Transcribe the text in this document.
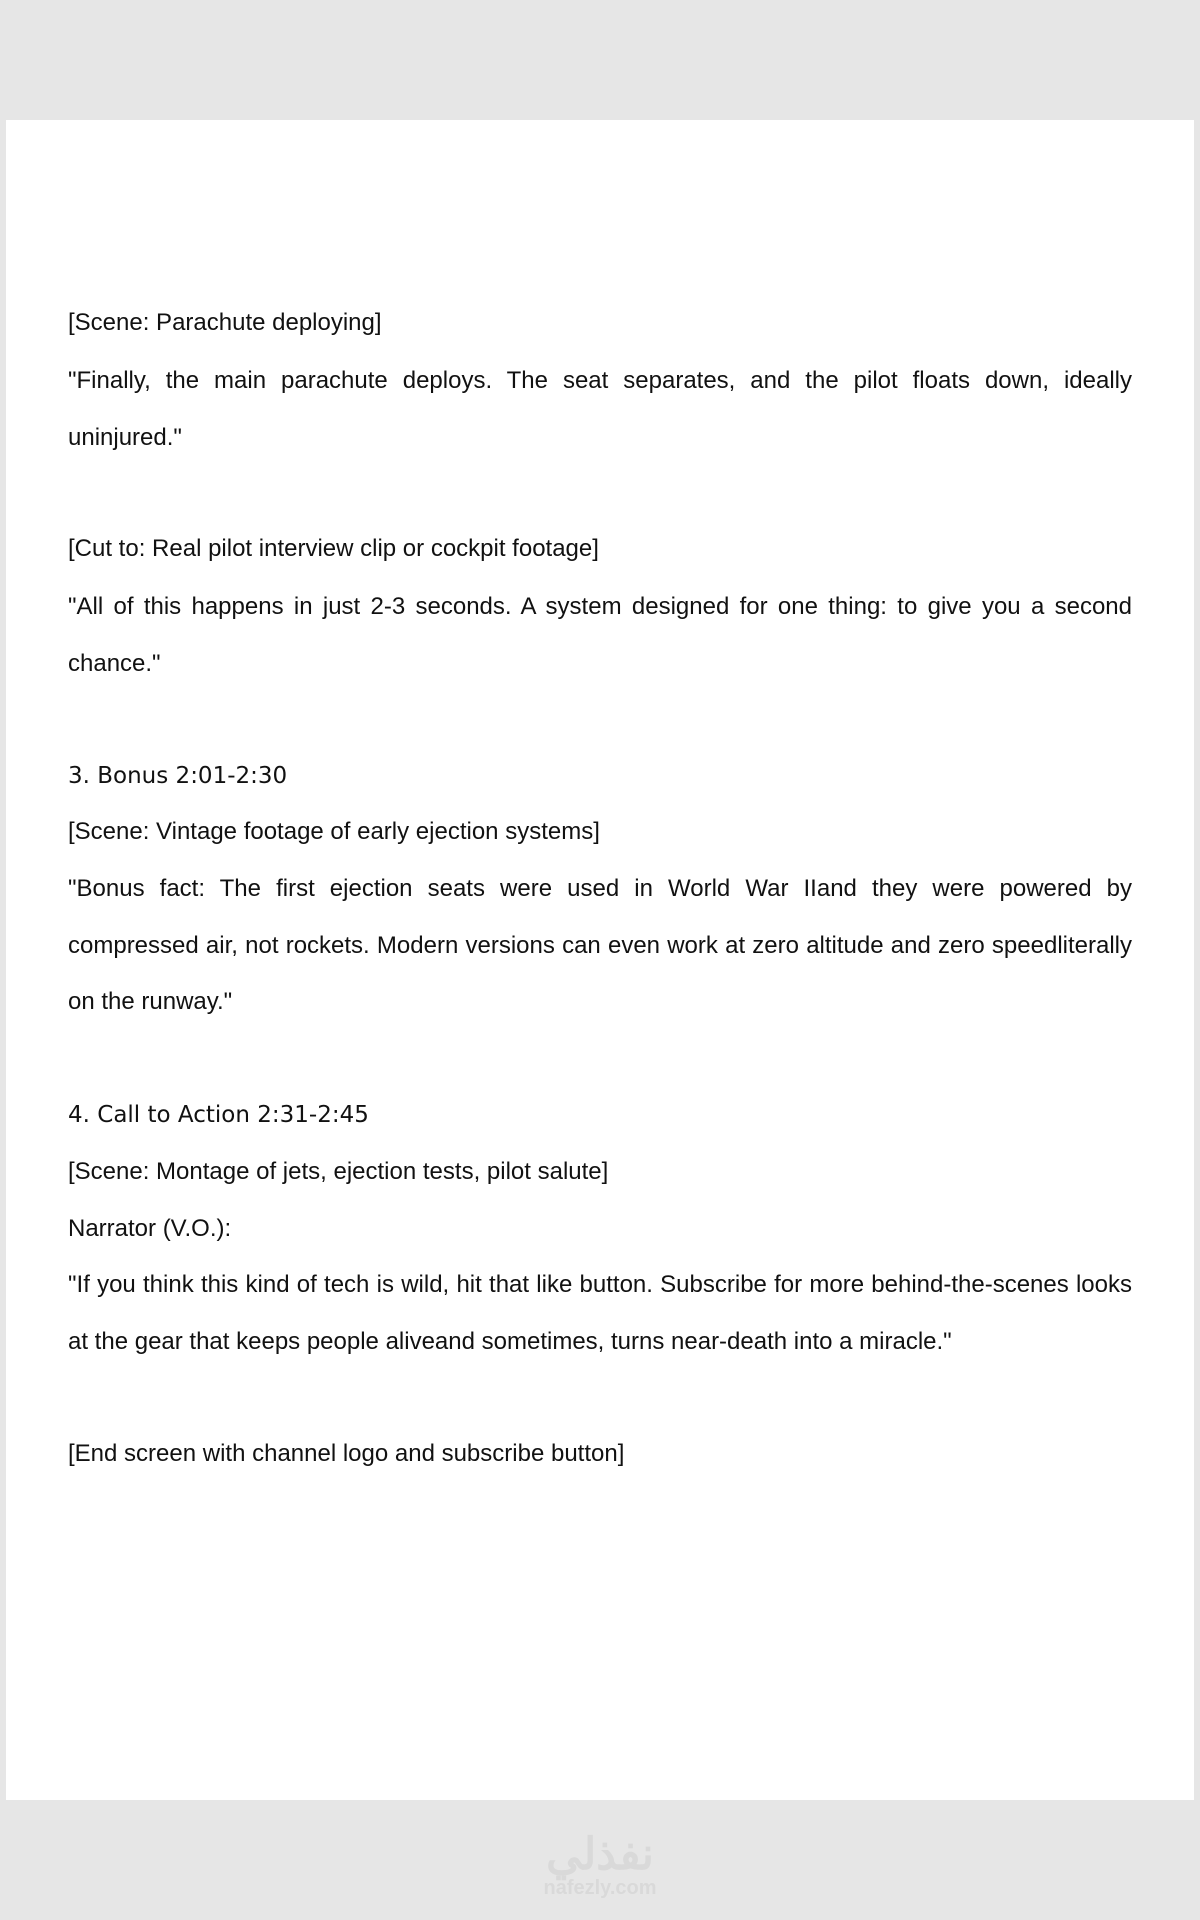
[Scene: Parachute deploying]
"Finally, the main parachute deploys. The seat separates, and the pilot floats down, ideally uninjured."
[Cut to: Real pilot interview clip or cockpit footage]
"All of this happens in just 2-3 seconds. A system designed for one thing: to give you a second chance."
3. Bonus 2:01-2:30
[Scene: Vintage footage of early ejection systems]
"Bonus fact: The first ejection seats were used in World War IIand they were powered by compressed air, not rockets. Modern versions can even work at zero altitude and zero speedliterally on the runway."
4. Call to Action 2:31-2:45
[Scene: Montage of jets, ejection tests, pilot salute]
Narrator (V.O.):
"If you think this kind of tech is wild, hit that like button. Subscribe for more behind-the-scenes looks at the gear that keeps people aliveand sometimes, turns near-death into a miracle."
[End screen with channel logo and subscribe button]
نفذلي
nafezly.com
